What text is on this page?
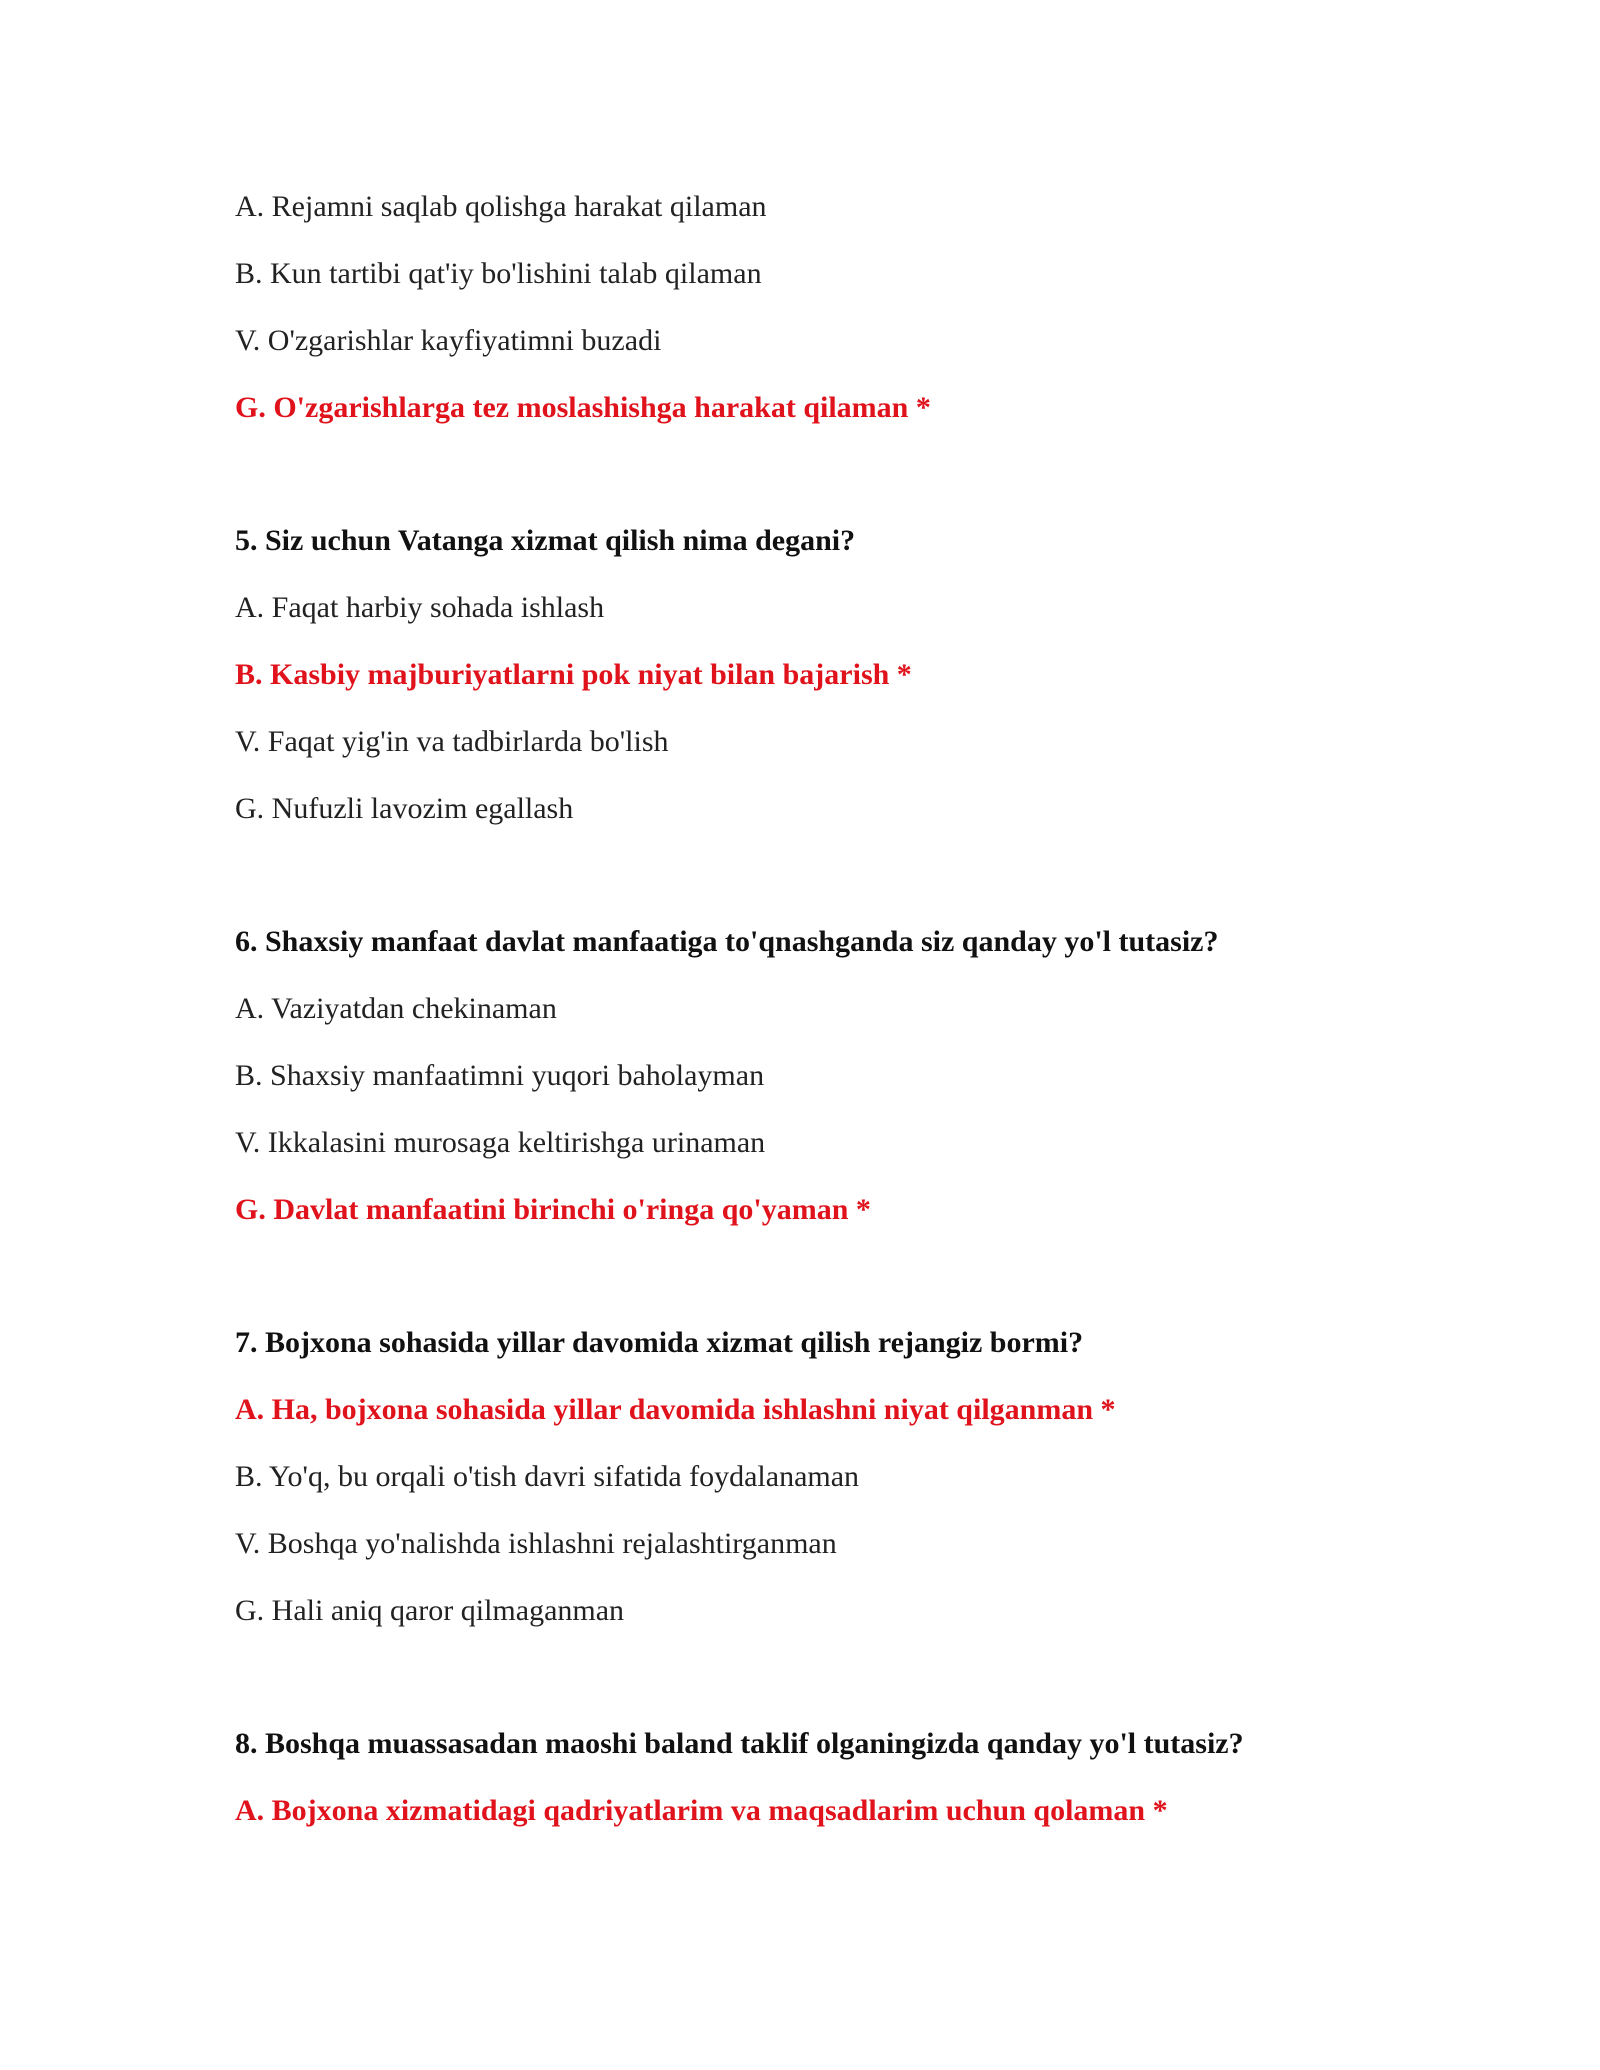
A. Rejamni saqlab qolishga harakat qilaman
B. Kun tartibi qat'iy bo'lishini talab qilaman
V. O'zgarishlar kayfiyatimni buzadi
G. O'zgarishlarga tez moslashishga harakat qilaman *
5. Siz uchun Vatanga xizmat qilish nima degani?
A. Faqat harbiy sohada ishlash
B. Kasbiy majburiyatlarni pok niyat bilan bajarish *
V. Faqat yig'in va tadbirlarda bo'lish
G. Nufuzli lavozim egallash
6. Shaxsiy manfaat davlat manfaatiga to'qnashganda siz qanday yo'l tutasiz?
A. Vaziyatdan chekinaman
B. Shaxsiy manfaatimni yuqori baholayman
V. Ikkalasini murosaga keltirishga urinaman
G. Davlat manfaatini birinchi o'ringa qo'yaman *
7. Bojxona sohasida yillar davomida xizmat qilish rejangiz bormi?
A. Ha, bojxona sohasida yillar davomida ishlashni niyat qilganman *
B. Yo'q, bu orqali o'tish davri sifatida foydalanaman
V. Boshqa yo'nalishda ishlashni rejalashtirganman
G. Hali aniq qaror qilmaganman
8. Boshqa muassasadan maoshi baland taklif olganingizda qanday yo'l tutasiz?
A. Bojxona xizmatidagi qadriyatlarim va maqsadlarim uchun qolaman *
